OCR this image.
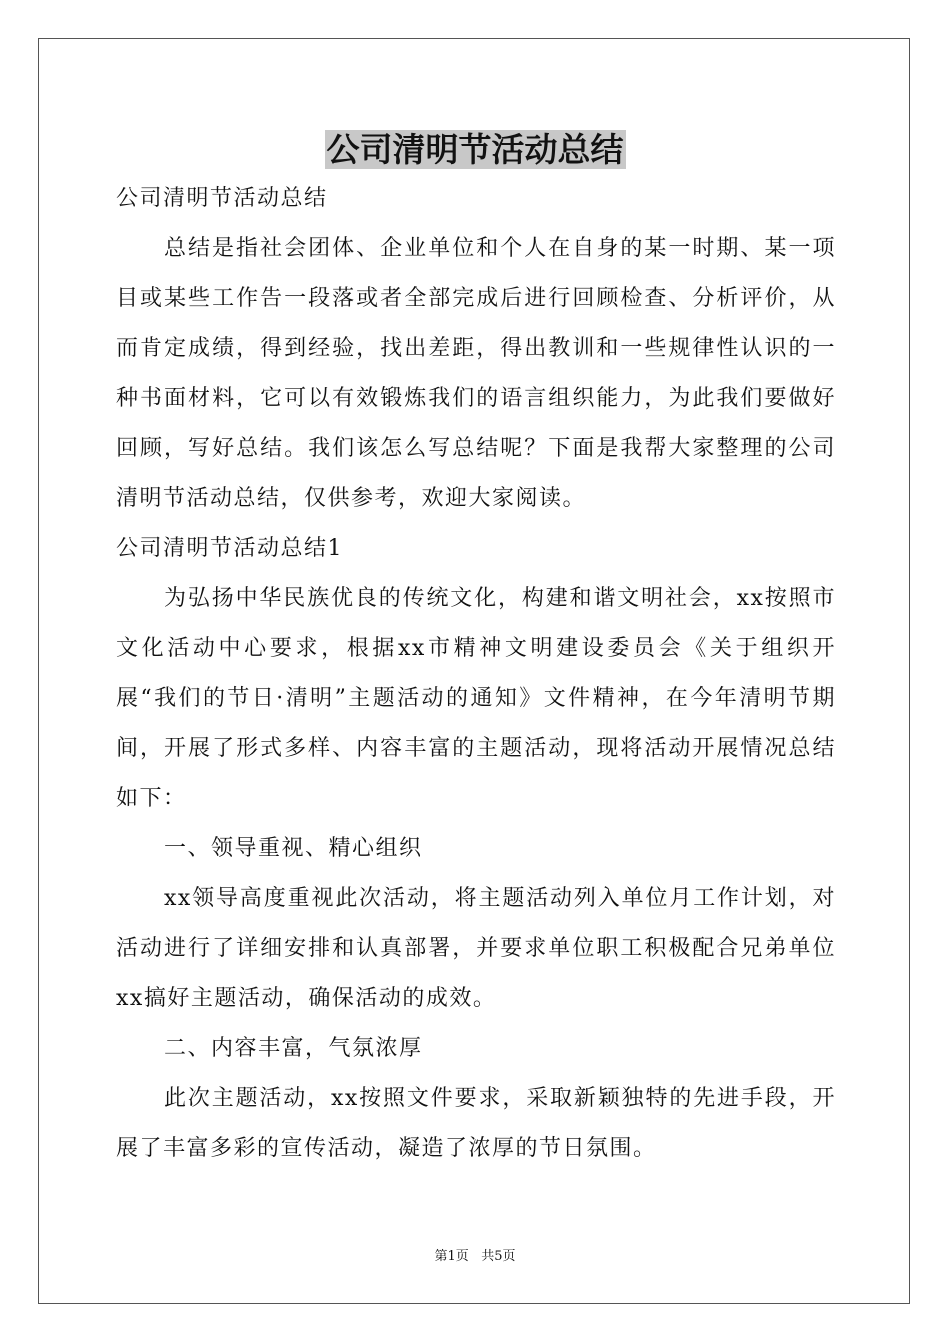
公司清明节活动总结

公司清明节活动总结

总结是指社会团体、企业单位和个人在自身的某一时期、某一项目或某些工作告一段落或者全部完成后进行回顾检查、分析评价，从而肯定成绩，得到经验，找出差距，得出教训和一些规律性认识的一种书面材料，它可以有效锻炼我们的语言组织能力，为此我们要做好回顾，写好总结。我们该怎么写总结呢？下面是我帮大家整理的公司清明节活动总结，仅供参考，欢迎大家阅读。

公司清明节活动总结1

为弘扬中华民族优良的传统文化，构建和谐文明社会，xx按照市文化活动中心要求，根据xx市精神文明建设委员会《关于组织开展“我们的节日·清明”主题活动的通知》文件精神，在今年清明节期间，开展了形式多样、内容丰富的主题活动，现将活动开展情况总结如下：

一、领导重视、精心组织

xx领导高度重视此次活动，将主题活动列入单位月工作计划，对活动进行了详细安排和认真部署，并要求单位职工积极配合兄弟单位xx搞好主题活动，确保活动的成效。

二、内容丰富，气氛浓厚

此次主题活动，xx按照文件要求，采取新颖独特的先进手段，开展了丰富多彩的宣传活动，凝造了浓厚的节日氛围。

第1页 共5页
